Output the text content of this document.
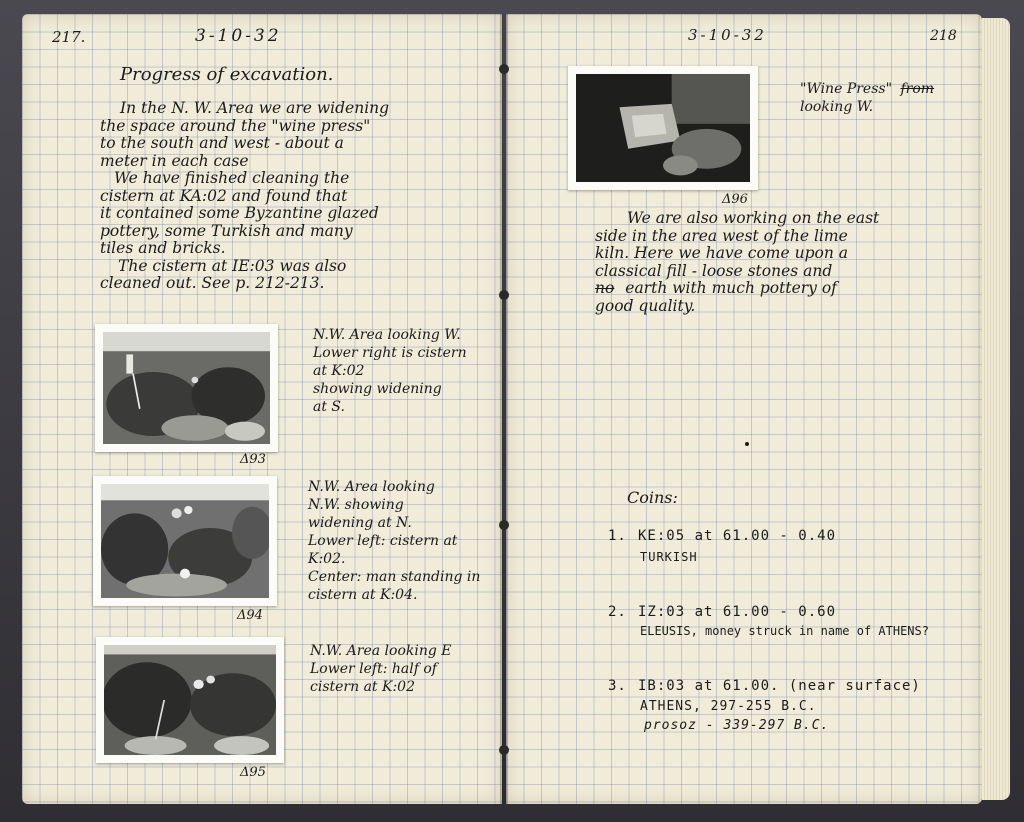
217.	3-10-32
Progress of excavation.
In the N. W. Area we are widening
the space around the "wine press"
to the south and west - about a
meter in each case
We have finished cleaning the
cistern at KA:02 and found that
it contained some Byzantine glazed
pottery, some Turkish and many
tiles and bricks.
The cistern at IE:03 was also
cleaned out. See p. 212-213.
Δ93
N.W. Area looking W.
Lower right is cistern
at K:02
showing widening
at S.
Δ94
N.W. Area looking
N.W. showing
widening at N.
Lower left: cistern at
K:02.
Center: man standing in
cistern at K:04.
Δ95
N.W. Area looking E
Lower left: half of
cistern at K:02
3-10-32	218
Δ96
"Wine Press" from
looking W.
We are also working on the east
side in the area west of the lime
kiln. Here we have come upon a
classical fill - loose stones and
no earth with much pottery of
good quality.
Coins:
1. KE:05 at 61.00 - 0.40
TURKISH
2. IZ:03 at 61.00 - 0.60
ELEUSIS, money struck in name of ATHENS?
3. IB:03 at 61.00. (near surface)
ATHENS, 297-255 B.C.
prosoz - 339-297 B.C.
